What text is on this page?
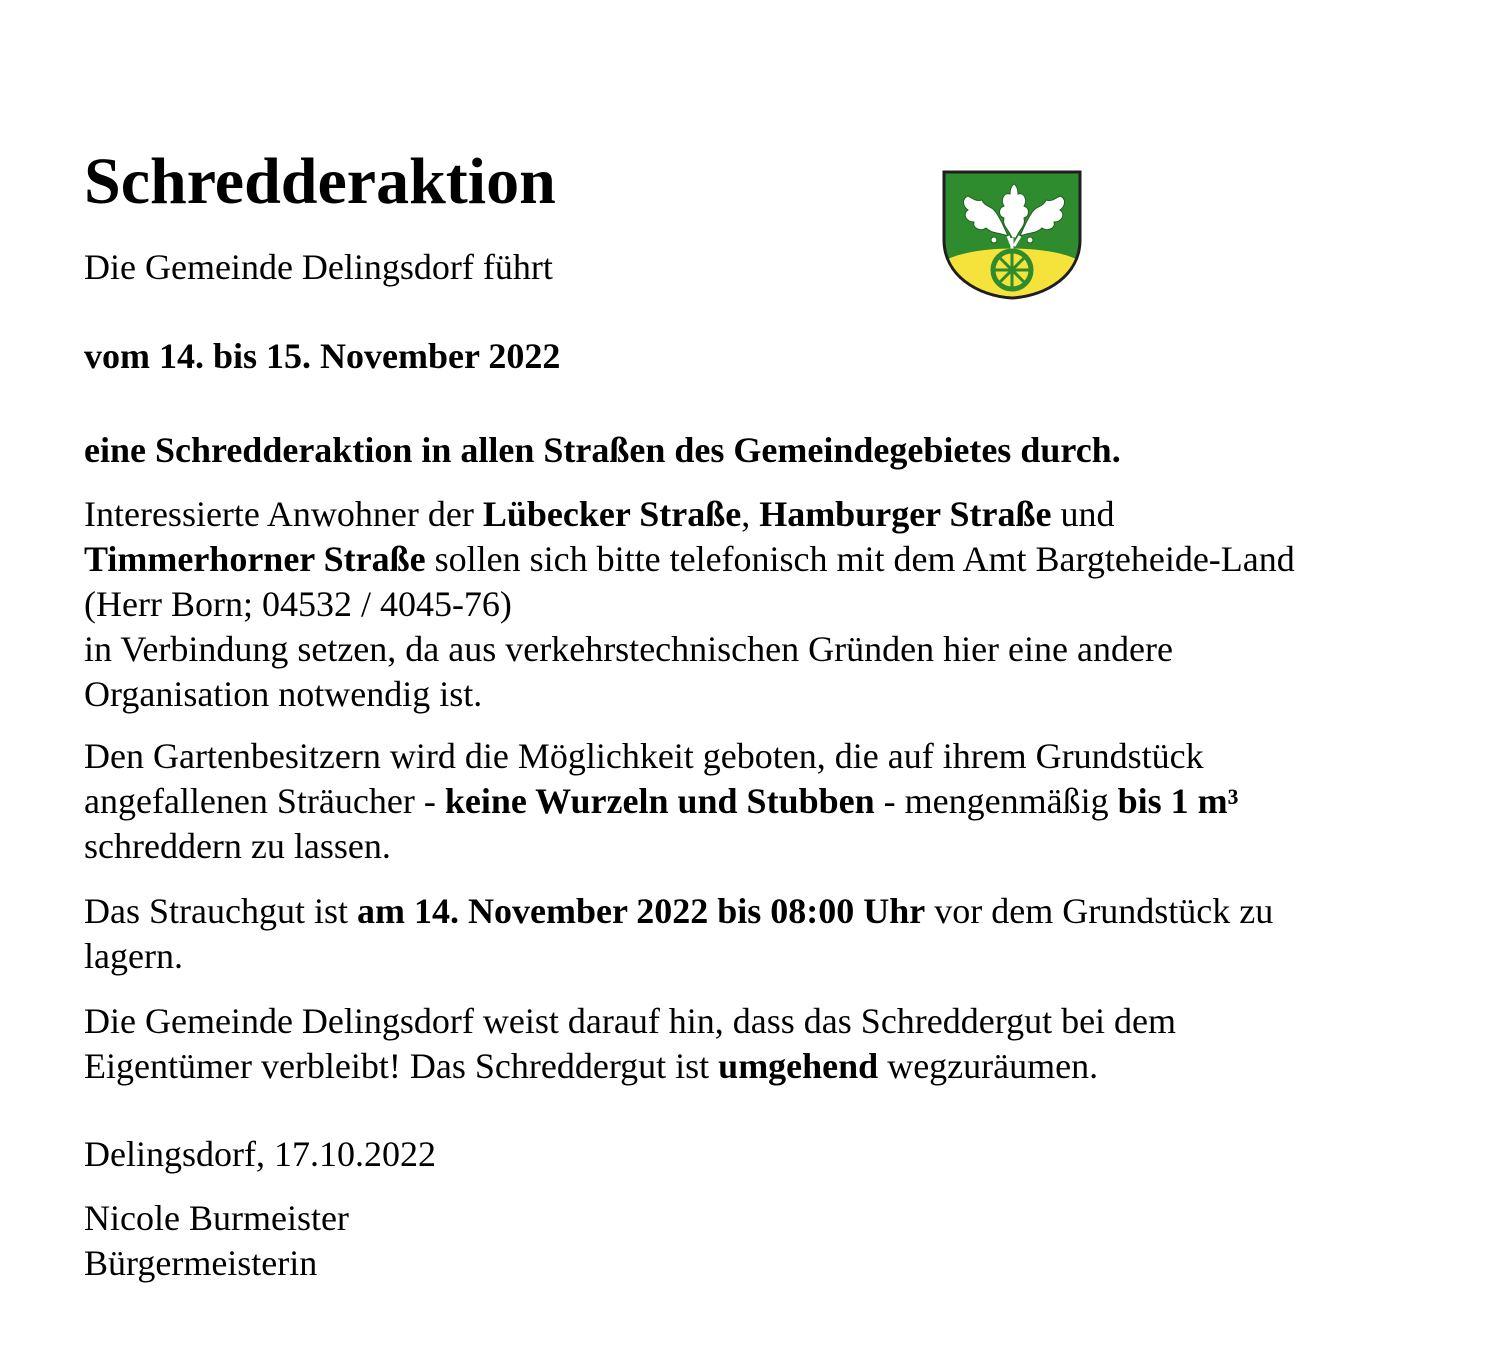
Schredderaktion

Die Gemeinde Delingsdorf führt

vom 14. bis 15. November 2022

eine Schredderaktion in allen Straßen des Gemeindegebietes durch.

Interessierte Anwohner der Lübecker Straße, Hamburger Straße und
Timmerhorner Straße sollen sich bitte telefonisch mit dem Amt Bargteheide-Land
(Herr Born; 04532 / 4045-76)
in Verbindung setzen, da aus verkehrstechnischen Gründen hier eine andere
Organisation notwendig ist.

Den Gartenbesitzern wird die Möglichkeit geboten, die auf ihrem Grundstück
angefallenen Sträucher - keine Wurzeln und Stubben - mengenmäßig bis 1 m³
schreddern zu lassen.

Das Strauchgut ist am 14. November 2022 bis 08:00 Uhr vor dem Grundstück zu
lagern.

Die Gemeinde Delingsdorf weist darauf hin, dass das Schreddergut bei dem
Eigentümer verbleibt! Das Schreddergut ist umgehend wegzuräumen.

Delingsdorf, 17.10.2022

Nicole Burmeister

Bürgermeisterin
